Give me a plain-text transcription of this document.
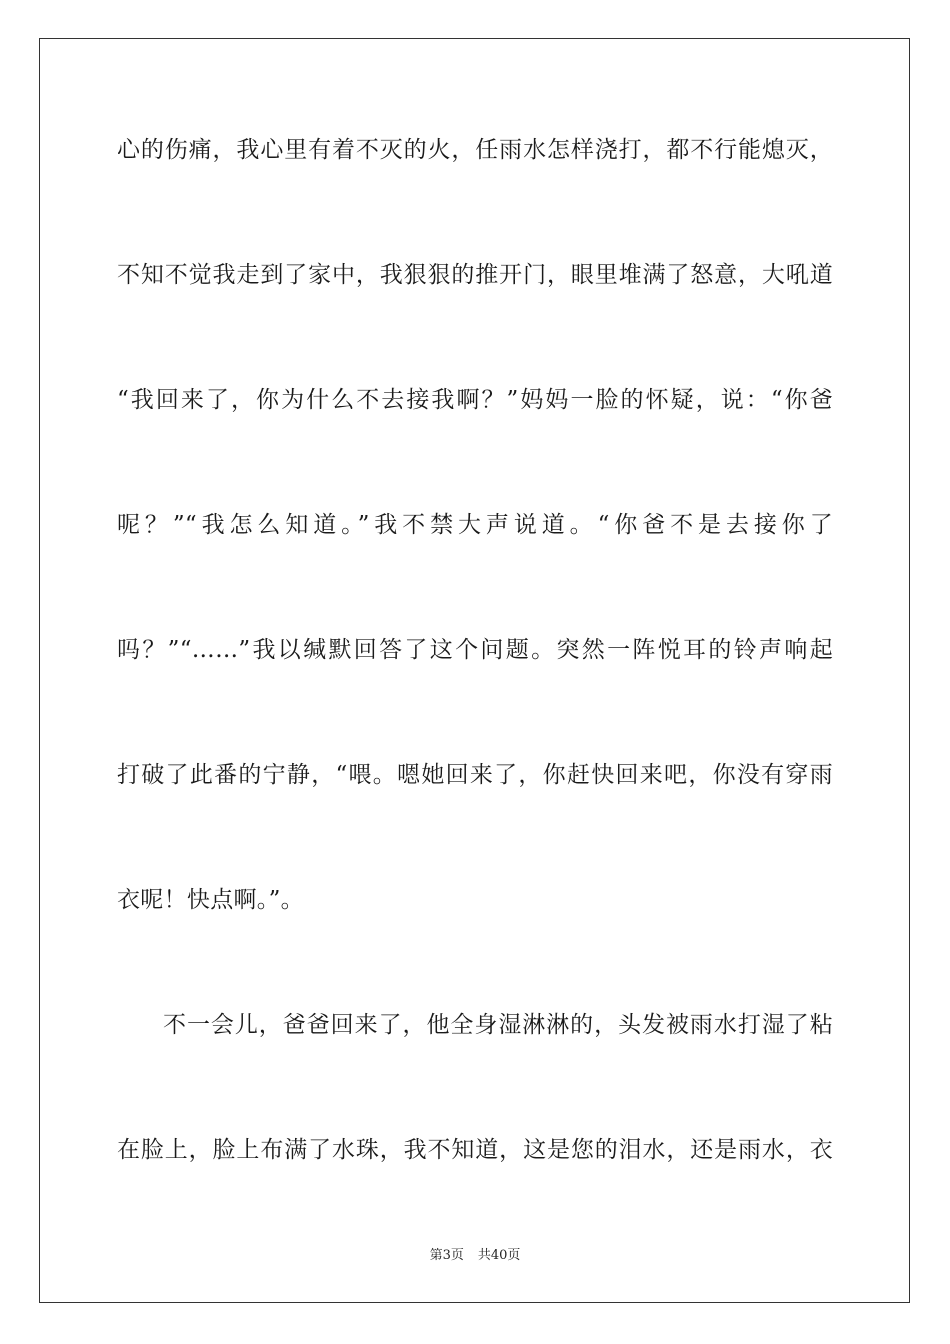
心的伤痛，我心里有着不灭的火，任雨水怎样浇打，都不行能熄灭，
不知不觉我走到了家中，我狠狠的推开门，眼里堆满了怒意，大吼道
“我回来了，你为什么不去接我啊？”妈妈一脸的怀疑，说：“你爸
呢？”“我怎么知道。”我不禁大声说道。“你爸不是去接你了
吗？”“……”我以缄默回答了这个问题。突然一阵悦耳的铃声响起
打破了此番的宁静，“喂。嗯她回来了，你赶快回来吧，你没有穿雨
衣呢！快点啊。”。
不一会儿，爸爸回来了，他全身湿淋淋的，头发被雨水打湿了粘
在脸上，脸上布满了水珠，我不知道，这是您的泪水，还是雨水，衣
第3页 共40页
